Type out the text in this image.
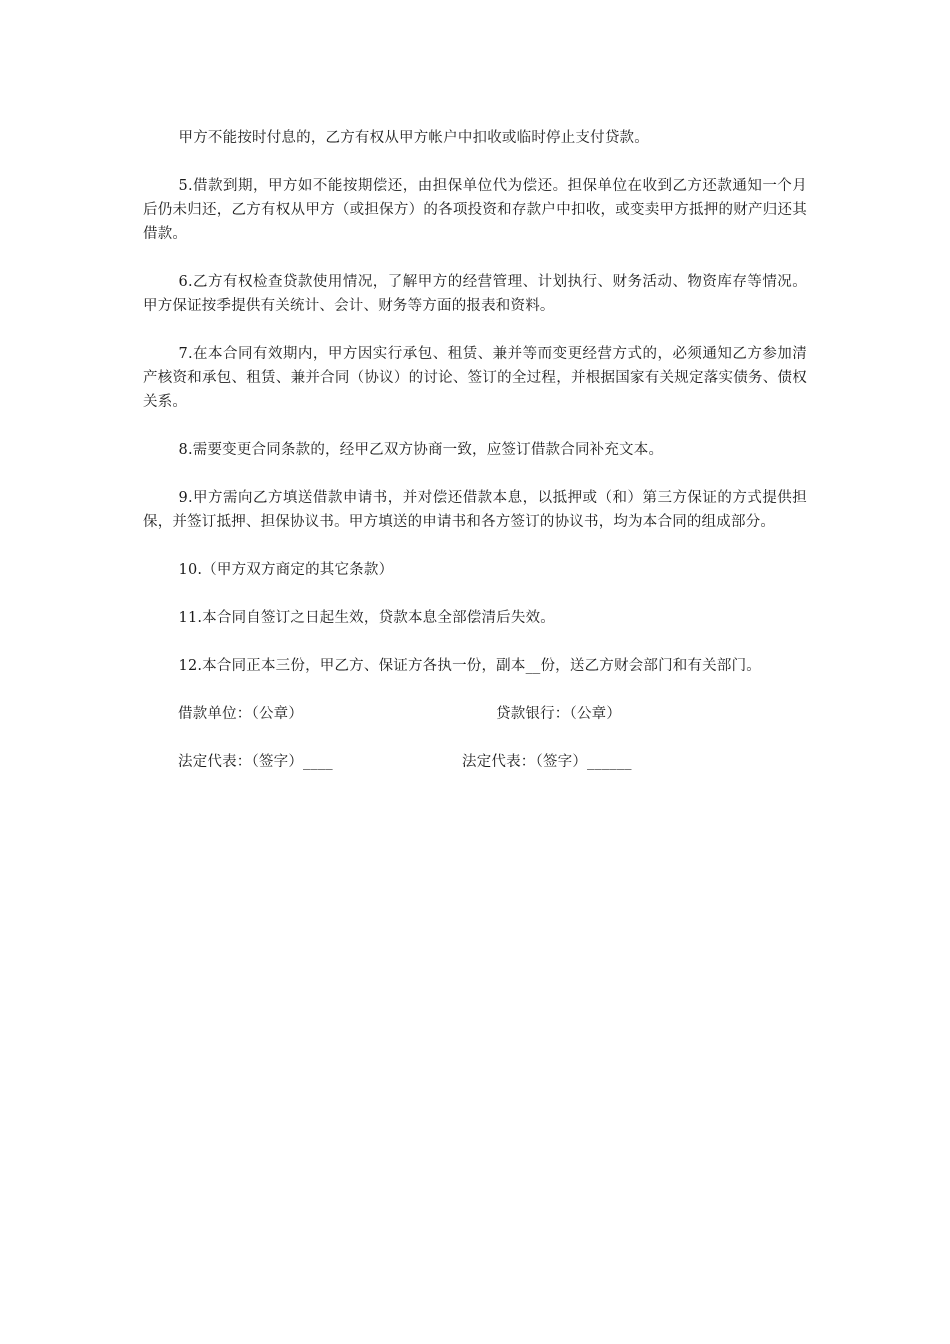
甲方不能按时付息的，乙方有权从甲方帐户中扣收或临时停止支付贷款。

5.借款到期，甲方如不能按期偿还，由担保单位代为偿还。担保单位在收到乙方还款通知一个月后仍未归还，乙方有权从甲方（或担保方）的各项投资和存款户中扣收，或变卖甲方抵押的财产归还其借款。

6.乙方有权检查贷款使用情况，了解甲方的经营管理、计划执行、财务活动、物资库存等情况。甲方保证按季提供有关统计、会计、财务等方面的报表和资料。

7.在本合同有效期内，甲方因实行承包、租赁、兼并等而变更经营方式的，必须通知乙方参加清产核资和承包、租赁、兼并合同（协议）的讨论、签订的全过程，并根据国家有关规定落实债务、债权关系。

8.需要变更合同条款的，经甲乙双方协商一致，应签订借款合同补充文本。

9.甲方需向乙方填送借款申请书，并对偿还借款本息，以抵押或（和）第三方保证的方式提供担保，并签订抵押、担保协议书。甲方填送的申请书和各方签订的协议书，均为本合同的组成部分。

10.（甲方双方商定的其它条款）

11.本合同自签订之日起生效，贷款本息全部偿清后失效。

12.本合同正本三份，甲乙方、保证方各执一份，副本__份，送乙方财会部门和有关部门。

借款单位：（公章）	贷款银行：（公章）
法定代表：（签字）____	法定代表：（签字）______
